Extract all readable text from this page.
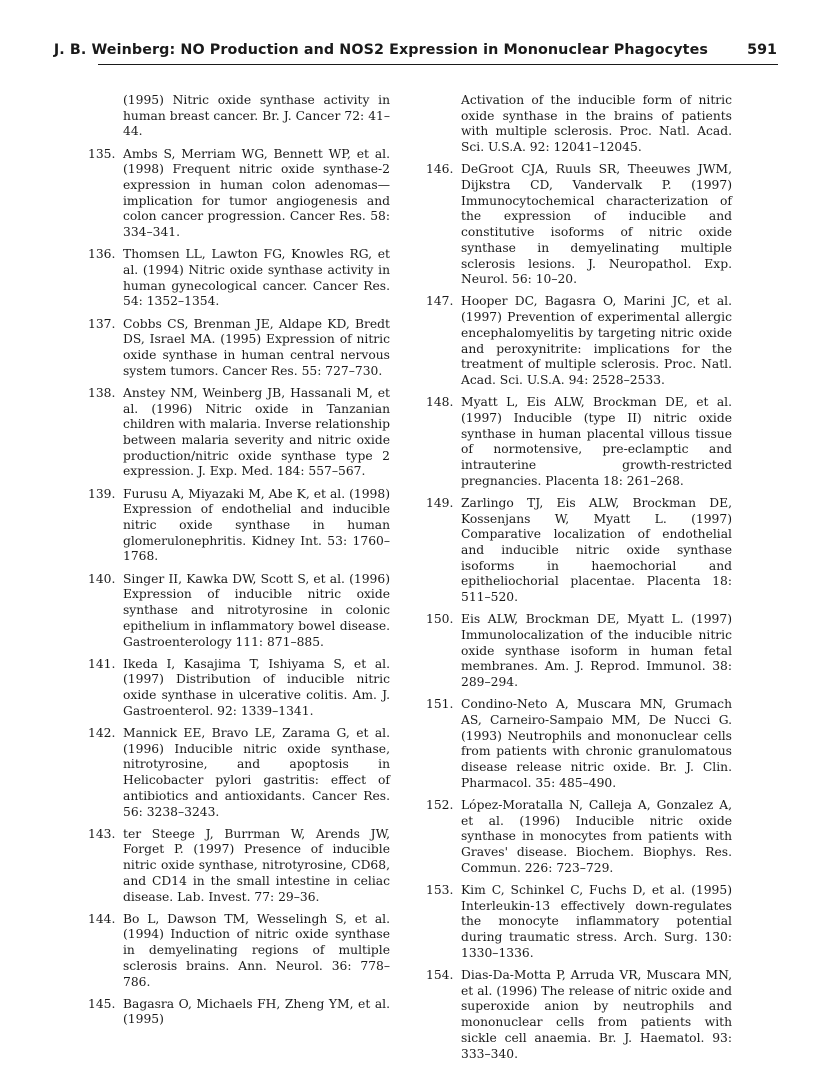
J. B. Weinberg: NO Production and NOS2 Expression in Mononuclear Phagocytes	591
(1995) Nitric oxide synthase activity in human breast cancer. Br. J. Cancer 72: 41–44.
135. Ambs S, Merriam WG, Bennett WP, et al. (1998) Frequent nitric oxide synthase-2 expression in human colon adenomas—implication for tumor angiogenesis and colon cancer progression. Cancer Res. 58: 334–341.
136. Thomsen LL, Lawton FG, Knowles RG, et al. (1994) Nitric oxide synthase activity in human gynecological cancer. Cancer Res. 54: 1352–1354.
137. Cobbs CS, Brenman JE, Aldape KD, Bredt DS, Israel MA. (1995) Expression of nitric oxide synthase in human central nervous system tumors. Cancer Res. 55: 727–730.
138. Anstey NM, Weinberg JB, Hassanali M, et al. (1996) Nitric oxide in Tanzanian children with malaria. Inverse relationship between malaria severity and nitric oxide production/nitric oxide synthase type 2 expression. J. Exp. Med. 184: 557–567.
139. Furusu A, Miyazaki M, Abe K, et al. (1998) Expression of endothelial and inducible nitric oxide synthase in human glomerulonephritis. Kidney Int. 53: 1760–1768.
140. Singer II, Kawka DW, Scott S, et al. (1996) Expression of inducible nitric oxide synthase and nitrotyrosine in colonic epithelium in inflammatory bowel disease. Gastroenterology 111: 871–885.
141. Ikeda I, Kasajima T, Ishiyama S, et al. (1997) Distribution of inducible nitric oxide synthase in ulcerative colitis. Am. J. Gastroenterol. 92: 1339–1341.
142. Mannick EE, Bravo LE, Zarama G, et al. (1996) Inducible nitric oxide synthase, nitrotyrosine, and apoptosis in Helicobacter pylori gastritis: effect of antibiotics and antioxidants. Cancer Res. 56: 3238–3243.
143. ter Steege J, Burrman W, Arends JW, Forget P. (1997) Presence of inducible nitric oxide synthase, nitrotyrosine, CD68, and CD14 in the small intestine in celiac disease. Lab. Invest. 77: 29–36.
144. Bo L, Dawson TM, Wesselingh S, et al. (1994) Induction of nitric oxide synthase in demyelinating regions of multiple sclerosis brains. Ann. Neurol. 36: 778–786.
145. Bagasra O, Michaels FH, Zheng YM, et al. (1995)
Activation of the inducible form of nitric oxide synthase in the brains of patients with multiple sclerosis. Proc. Natl. Acad. Sci. U.S.A. 92: 12041–12045.
146. DeGroot CJA, Ruuls SR, Theeuwes JWM, Dijkstra CD, Vandervalk P. (1997) Immunocytochemical characterization of the expression of inducible and constitutive isoforms of nitric oxide synthase in demyelinating multiple sclerosis lesions. J. Neuropathol. Exp. Neurol. 56: 10–20.
147. Hooper DC, Bagasra O, Marini JC, et al. (1997) Prevention of experimental allergic encephalomyelitis by targeting nitric oxide and peroxynitrite: implications for the treatment of multiple sclerosis. Proc. Natl. Acad. Sci. U.S.A. 94: 2528–2533.
148. Myatt L, Eis ALW, Brockman DE, et al. (1997) Inducible (type II) nitric oxide synthase in human placental villous tissue of normotensive, pre-eclamptic and intrauterine growth-restricted pregnancies. Placenta 18: 261–268.
149. Zarlingo TJ, Eis ALW, Brockman DE, Kossenjans W, Myatt L. (1997) Comparative localization of endothelial and inducible nitric oxide synthase isoforms in haemochorial and epitheliochorial placentae. Placenta 18: 511–520.
150. Eis ALW, Brockman DE, Myatt L. (1997) Immunolocalization of the inducible nitric oxide synthase isoform in human fetal membranes. Am. J. Reprod. Immunol. 38: 289–294.
151. Condino-Neto A, Muscara MN, Grumach AS, Carneiro-Sampaio MM, De Nucci G. (1993) Neutrophils and mononuclear cells from patients with chronic granulomatous disease release nitric oxide. Br. J. Clin. Pharmacol. 35: 485–490.
152. López-Moratalla N, Calleja A, Gonzalez A, et al. (1996) Inducible nitric oxide synthase in monocytes from patients with Graves' disease. Biochem. Biophys. Res. Commun. 226: 723–729.
153. Kim C, Schinkel C, Fuchs D, et al. (1995) Interleukin-13 effectively down-regulates the monocyte inflammatory potential during traumatic stress. Arch. Surg. 130: 1330–1336.
154. Dias-Da-Motta P, Arruda VR, Muscara MN, et al. (1996) The release of nitric oxide and superoxide anion by neutrophils and mononuclear cells from patients with sickle cell anaemia. Br. J. Haematol. 93: 333–340.
